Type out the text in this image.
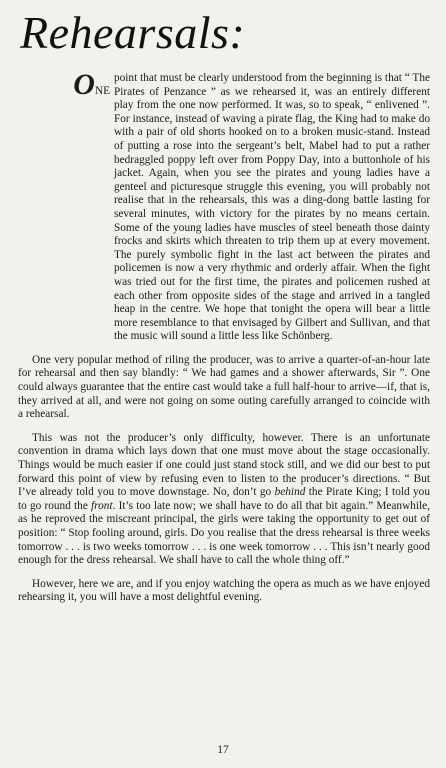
Rehearsals:

ONE
point that must be clearly understood from the beginning is that “ The Pirates of Penzance ” as we rehearsed it, was an entirely different play from the one now performed. It was, so to speak, “ enlivened ”. For instance, instead of waving a pirate flag, the King had to make do with a pair of old shorts hooked on to a broken music-stand. Instead of putting a rose into the sergeant’s belt, Mabel had to put a rather bedraggled poppy left over from Poppy Day, into a buttonhole of his jacket. Again, when you see the pirates and young ladies have a genteel and picturesque struggle this evening, you will probably not realise that in the rehearsals, this was a ding-dong battle lasting for several minutes, with victory for the pirates by no means certain. Some of the young ladies have muscles of steel beneath those dainty frocks and skirts which threaten to trip them up at every movement. The purely symbolic fight in the last act between the pirates and policemen is now a very rhythmic and orderly affair. When the fight was tried out for the first time, the pirates and policemen rushed at each other from opposite sides of the stage and arrived in a tangled heap in the centre. We hope that tonight the opera will bear a little more resemblance to that envisaged by Gilbert and Sullivan, and that the music will sound a little less like Schönberg.

One very popular method of riling the producer, was to arrive a quarter-of-an-hour late for rehearsal and then say blandly: “ We had games and a shower afterwards, Sir ”. One could always guarantee that the entire cast would take a full half-hour to arrive—if, that is, they arrived at all, and were not going on some outing carefully arranged to coincide with a rehearsal.

This was not the producer’s only difficulty, however. There is an unfortunate convention in drama which lays down that one must move about the stage occasionally. Things would be much easier if one could just stand stock still, and we did our best to put forward this point of view by refusing even to listen to the producer’s directions. “ But I’ve already told you to move downstage. No, don’t go behind the Pirate King; I told you to go round the front. It’s too late now; we shall have to do all that bit again.” Meanwhile, as he reproved the miscreant principal, the girls were taking the opportunity to get out of position: “ Stop fooling around, girls. Do you realise that the dress rehearsal is three weeks tomorrow . . . is two weeks tomorrow . . . is one week tomorrow . . . This isn’t nearly good enough for the dress rehearsal. We shall have to call the whole thing off.”

However, here we are, and if you enjoy watching the opera as much as we have enjoyed rehearsing it, you will have a most delightful evening.

17
